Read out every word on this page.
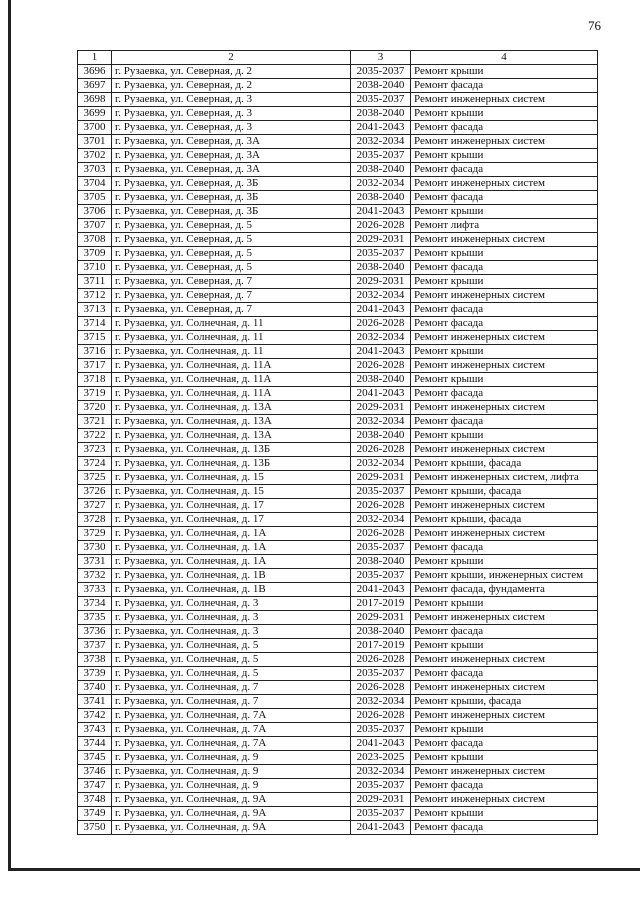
76
1	2	3	4
3696	г. Рузаевка, ул. Северная, д. 2	2035-2037	Ремонт крыши
3697	г. Рузаевка, ул. Северная, д. 2	2038-2040	Ремонт фасада
3698	г. Рузаевка, ул. Северная, д. 3	2035-2037	Ремонт инженерных систем
3699	г. Рузаевка, ул. Северная, д. 3	2038-2040	Ремонт крыши
3700	г. Рузаевка, ул. Северная, д. 3	2041-2043	Ремонт фасада
3701	г. Рузаевка, ул. Северная, д. 3А	2032-2034	Ремонт инженерных систем
3702	г. Рузаевка, ул. Северная, д. 3А	2035-2037	Ремонт крыши
3703	г. Рузаевка, ул. Северная, д. 3А	2038-2040	Ремонт фасада
3704	г. Рузаевка, ул. Северная, д. 3Б	2032-2034	Ремонт инженерных систем
3705	г. Рузаевка, ул. Северная, д. 3Б	2038-2040	Ремонт фасада
3706	г. Рузаевка, ул. Северная, д. 3Б	2041-2043	Ремонт крыши
3707	г. Рузаевка, ул. Северная, д. 5	2026-2028	Ремонт лифта
3708	г. Рузаевка, ул. Северная, д. 5	2029-2031	Ремонт инженерных систем
3709	г. Рузаевка, ул. Северная, д. 5	2035-2037	Ремонт крыши
3710	г. Рузаевка, ул. Северная, д. 5	2038-2040	Ремонт фасада
3711	г. Рузаевка, ул. Северная, д. 7	2029-2031	Ремонт крыши
3712	г. Рузаевка, ул. Северная, д. 7	2032-2034	Ремонт инженерных систем
3713	г. Рузаевка, ул. Северная, д. 7	2041-2043	Ремонт фасада
3714	г. Рузаевка, ул. Солнечная, д. 11	2026-2028	Ремонт фасада
3715	г. Рузаевка, ул. Солнечная, д. 11	2032-2034	Ремонт инженерных систем
3716	г. Рузаевка, ул. Солнечная, д. 11	2041-2043	Ремонт крыши
3717	г. Рузаевка, ул. Солнечная, д. 11А	2026-2028	Ремонт инженерных систем
3718	г. Рузаевка, ул. Солнечная, д. 11А	2038-2040	Ремонт крыши
3719	г. Рузаевка, ул. Солнечная, д. 11А	2041-2043	Ремонт фасада
3720	г. Рузаевка, ул. Солнечная, д. 13А	2029-2031	Ремонт инженерных систем
3721	г. Рузаевка, ул. Солнечная, д. 13А	2032-2034	Ремонт фасада
3722	г. Рузаевка, ул. Солнечная, д. 13А	2038-2040	Ремонт крыши
3723	г. Рузаевка, ул. Солнечная, д. 13Б	2026-2028	Ремонт инженерных систем
3724	г. Рузаевка, ул. Солнечная, д. 13Б	2032-2034	Ремонт крыши, фасада
3725	г. Рузаевка, ул. Солнечная, д. 15	2029-2031	Ремонт инженерных систем, лифта
3726	г. Рузаевка, ул. Солнечная, д. 15	2035-2037	Ремонт крыши, фасада
3727	г. Рузаевка, ул. Солнечная, д. 17	2026-2028	Ремонт инженерных систем
3728	г. Рузаевка, ул. Солнечная, д. 17	2032-2034	Ремонт крыши, фасада
3729	г. Рузаевка, ул. Солнечная, д. 1А	2026-2028	Ремонт инженерных систем
3730	г. Рузаевка, ул. Солнечная, д. 1А	2035-2037	Ремонт фасада
3731	г. Рузаевка, ул. Солнечная, д. 1А	2038-2040	Ремонт крыши
3732	г. Рузаевка, ул. Солнечная, д. 1В	2035-2037	Ремонт крыши, инженерных систем
3733	г. Рузаевка, ул. Солнечная, д. 1В	2041-2043	Ремонт фасада, фундамента
3734	г. Рузаевка, ул. Солнечная, д. 3	2017-2019	Ремонт крыши
3735	г. Рузаевка, ул. Солнечная, д. 3	2029-2031	Ремонт инженерных систем
3736	г. Рузаевка, ул. Солнечная, д. 3	2038-2040	Ремонт фасада
3737	г. Рузаевка, ул. Солнечная, д. 5	2017-2019	Ремонт крыши
3738	г. Рузаевка, ул. Солнечная, д. 5	2026-2028	Ремонт инженерных систем
3739	г. Рузаевка, ул. Солнечная, д. 5	2035-2037	Ремонт фасада
3740	г. Рузаевка, ул. Солнечная, д. 7	2026-2028	Ремонт инженерных систем
3741	г. Рузаевка, ул. Солнечная, д. 7	2032-2034	Ремонт крыши, фасада
3742	г. Рузаевка, ул. Солнечная, д. 7А	2026-2028	Ремонт инженерных систем
3743	г. Рузаевка, ул. Солнечная, д. 7А	2035-2037	Ремонт крыши
3744	г. Рузаевка, ул. Солнечная, д. 7А	2041-2043	Ремонт фасада
3745	г. Рузаевка, ул. Солнечная, д. 9	2023-2025	Ремонт крыши
3746	г. Рузаевка, ул. Солнечная, д. 9	2032-2034	Ремонт инженерных систем
3747	г. Рузаевка, ул. Солнечная, д. 9	2035-2037	Ремонт фасада
3748	г. Рузаевка, ул. Солнечная, д. 9А	2029-2031	Ремонт инженерных систем
3749	г. Рузаевка, ул. Солнечная, д. 9А	2035-2037	Ремонт крыши
3750	г. Рузаевка, ул. Солнечная, д. 9А	2041-2043	Ремонт фасада
